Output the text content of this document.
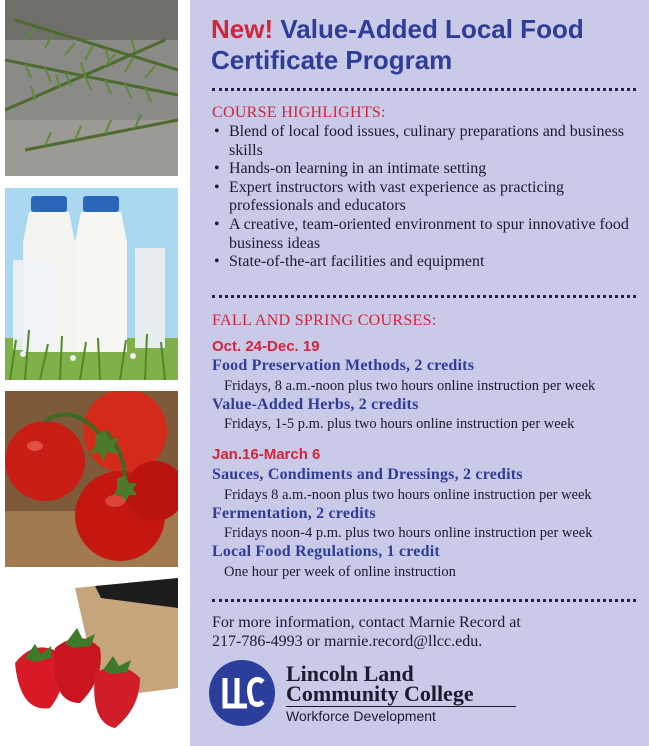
New! Value-Added Local Food Certificate Program
COURSE HIGHLIGHTS:
• Blend of local food issues, culinary preparations and business skills
• Hands-on learning in an intimate setting
• Expert instructors with vast experience as practicing professionals and educators
• A creative, team-oriented environment to spur innovative food business ideas
• State-of-the-art facilities and equipment
FALL AND SPRING COURSES:
Oct. 24-Dec. 19
Food Preservation Methods, 2 credits
Fridays, 8 a.m.-noon plus two hours online instruction per week
Value-Added Herbs, 2 credits
Fridays, 1-5 p.m. plus two hours online instruction per week
Jan.16-March 6
Sauces, Condiments and Dressings, 2 credits
Fridays 8 a.m.-noon plus two hours online instruction per week
Fermentation, 2 credits
Fridays noon-4 p.m. plus two hours online instruction per week
Local Food Regulations, 1 credit
One hour per week of online instruction
For more information, contact Marnie Record at
217-786-4993 or marnie.record@llcc.edu.
Lincoln Land
Community College
Workforce Development
